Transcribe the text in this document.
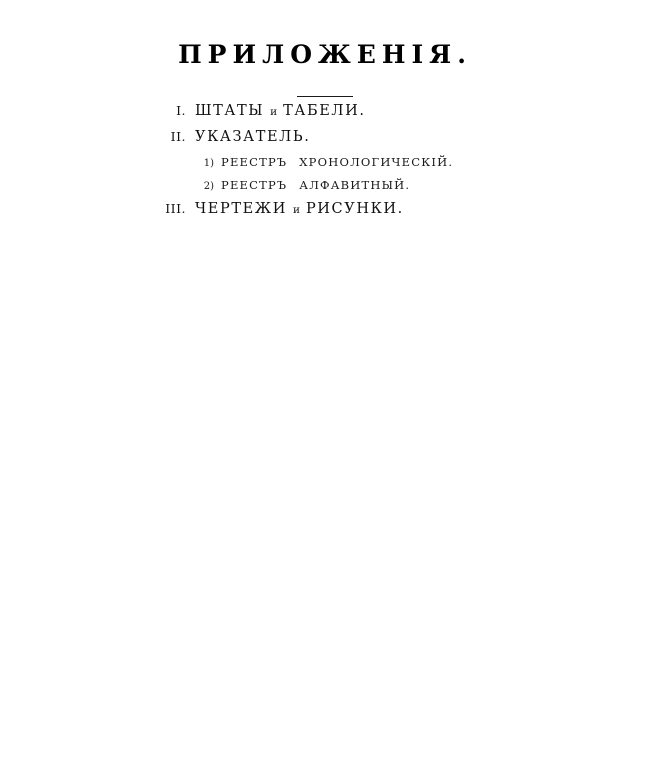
ПРИЛОЖЕНІЯ.
I. ШТАТЫ и ТАБЕЛИ .
II. УКАЗАТЕЛЬ .
1) РЕЕСТРЪ ХРОНОЛОГИЧЕСКІЙ .
2) РЕЕСТРЪ АЛФАВИТНЫЙ .
III. ЧЕРТЕЖИ и РИСУНКИ .
